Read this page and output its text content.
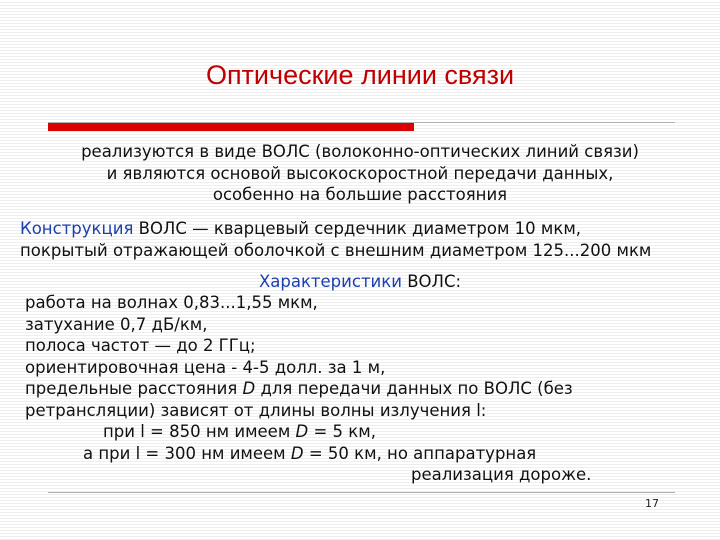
Оптические линии связи
реализуются в виде ВОЛС (волоконно-оптических линий связи)
и являются основой высокоскоростной передачи данных,
особенно на большие расстояния
Конструкция ВОЛС — кварцевый сердечник диаметром 10 мкм,
покрытый отражающей оболочкой с внешним диаметром 125...200 мкм
Характеристики ВОЛС:
работа на волнах 0,83...1,55 мкм,
затухание 0,7 дБ/км,
полоса частот — до 2 ГГц;
ориентировочная цена - 4-5 долл. за 1 м,
предельные расстояния D для передачи данных по ВОЛС (без
ретрансляции) зависят от длины волны излучения l:
при l = 850 нм имеем D = 5 км,
а при l = 300 нм имеем D = 50 км, но аппаратурная
реализация дороже.
17
